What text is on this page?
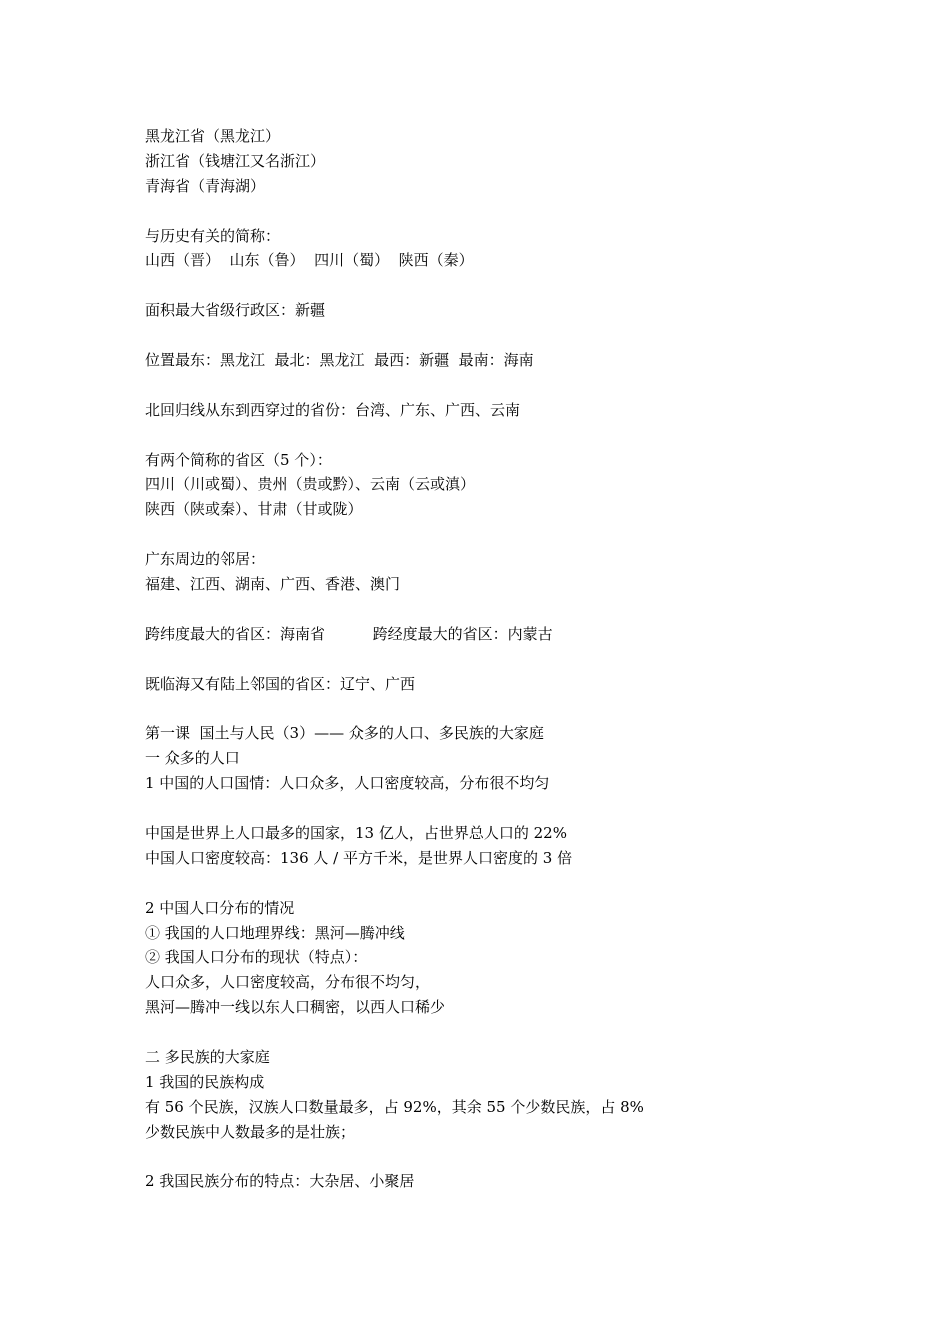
黑龙江省（黑龙江）
浙江省（钱塘江又名浙江）
青海省（青海湖）
与历史有关的简称：
山西（晋）  山东（鲁）  四川（蜀）  陕西（秦）
面积最大省级行政区：新疆
位置最东：黑龙江  最北：黑龙江  最西：新疆  最南：海南
北回归线从东到西穿过的省份：台湾、广东、广西、云南
有两个简称的省区（5 个）：
四川（川或蜀）、贵州（贵或黔）、云南（云或滇）
陕西（陕或秦）、甘肃（甘或陇）
广东周边的邻居：
福建、江西、湖南、广西、香港、澳门
跨纬度最大的省区：海南省          跨经度最大的省区：内蒙古
既临海又有陆上邻国的省区：辽宁、广西
第一课  国土与人民（3）—— 众多的人口、多民族的大家庭
一 众多的人口
1 中国的人口国情：人口众多，人口密度较高，分布很不均匀
中国是世界上人口最多的国家，13 亿人，占世界总人口的 22%
中国人口密度较高：136 人 / 平方千米，是世界人口密度的 3 倍
2 中国人口分布的情况
① 我国的人口地理界线：黑河—腾冲线
② 我国人口分布的现状（特点）：
人口众多，人口密度较高，分布很不均匀，
黑河—腾冲一线以东人口稠密，以西人口稀少
二 多民族的大家庭
1 我国的民族构成
有 56 个民族，汉族人口数量最多，占 92%，其余 55 个少数民族，占 8%
少数民族中人数最多的是壮族；
2 我国民族分布的特点：大杂居、小聚居
